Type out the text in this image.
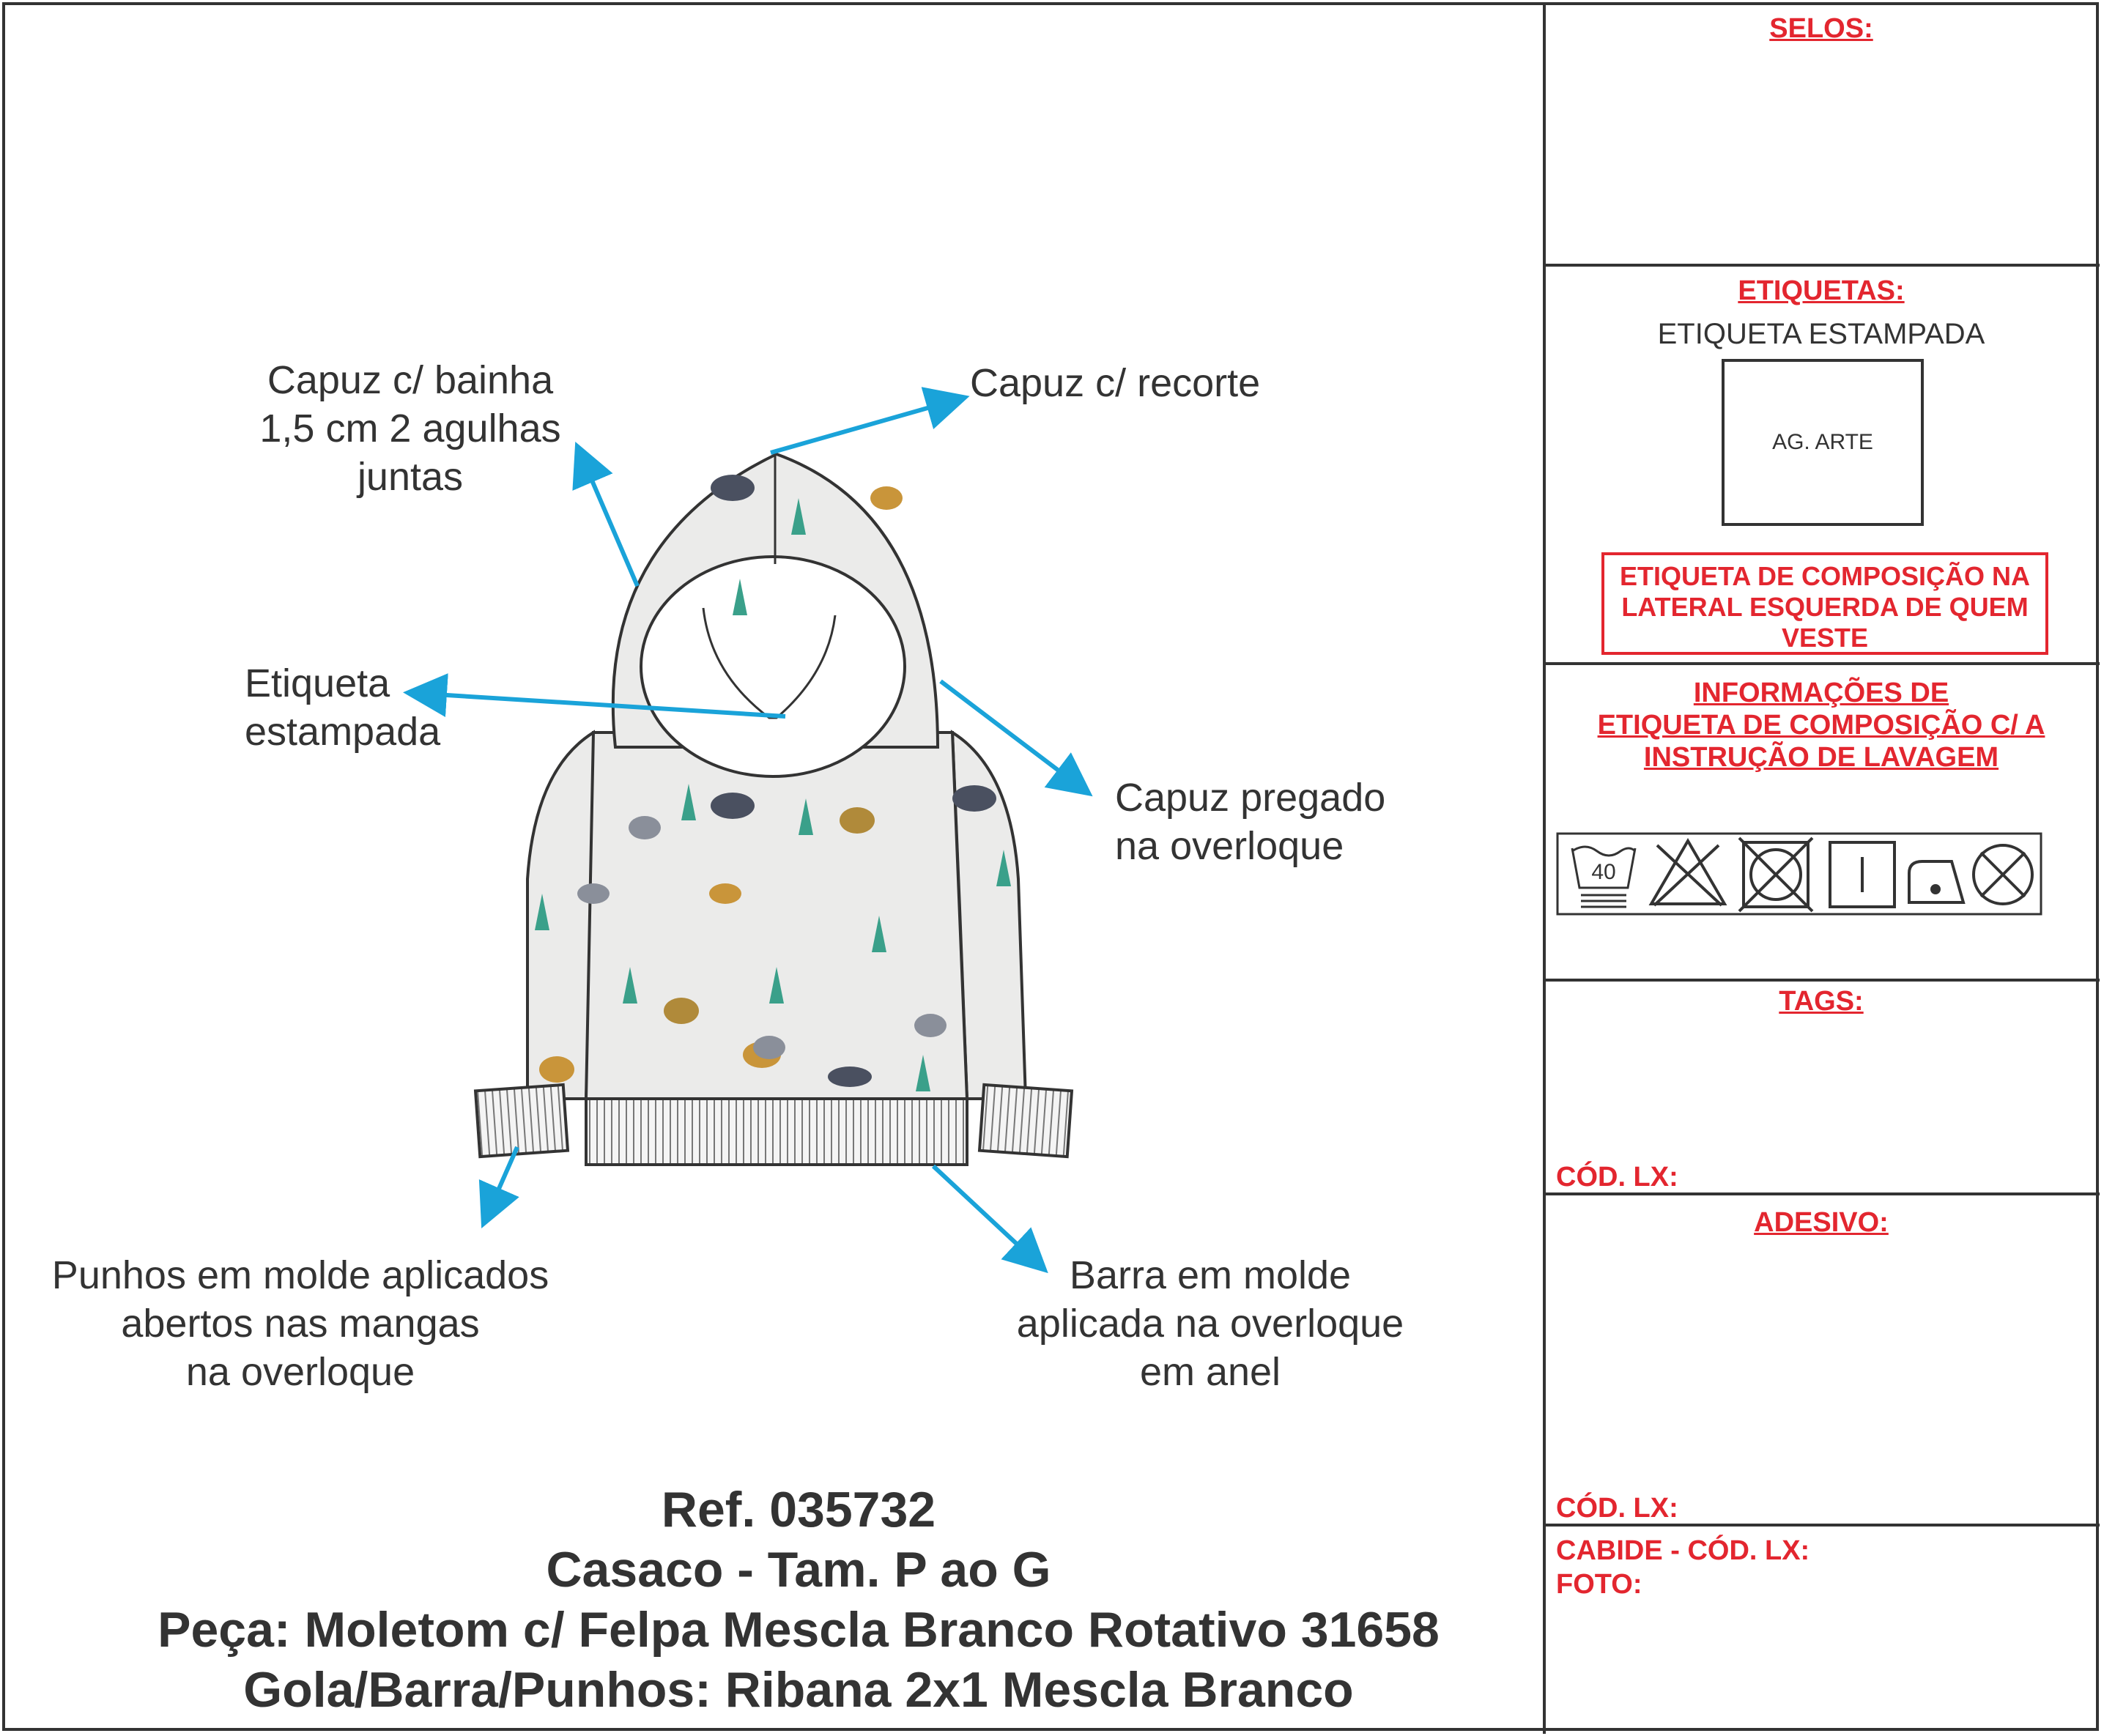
SELOS:
ETIQUETAS:
ETIQUETA ESTAMPADA
AG. ARTE
ETIQUETA DE COMPOSIÇÃO NA
LATERAL ESQUERDA DE QUEM
VESTE
INFORMAÇÕES DE
ETIQUETA DE COMPOSIÇÃO C/ A
INSTRUÇÃO DE LAVAGEM
40
TAGS:
CÓD. LX:
ADESIVO:
CÓD. LX:
CABIDE - CÓD. LX:
FOTO:
Capuz c/ bainha
1,5 cm 2 agulhas
juntas
Capuz c/ recorte
Etiqueta
estampada
Capuz pregado
na overloque
Punhos em molde aplicados
abertos nas mangas
na overloque
Barra em molde
aplicada na overloque
em anel
Ref. 035732
Casaco - Tam. P ao G
Peça: Moletom c/ Felpa Mescla Branco Rotativo 31658
Gola/Barra/Punhos: Ribana 2x1 Mescla Branco
